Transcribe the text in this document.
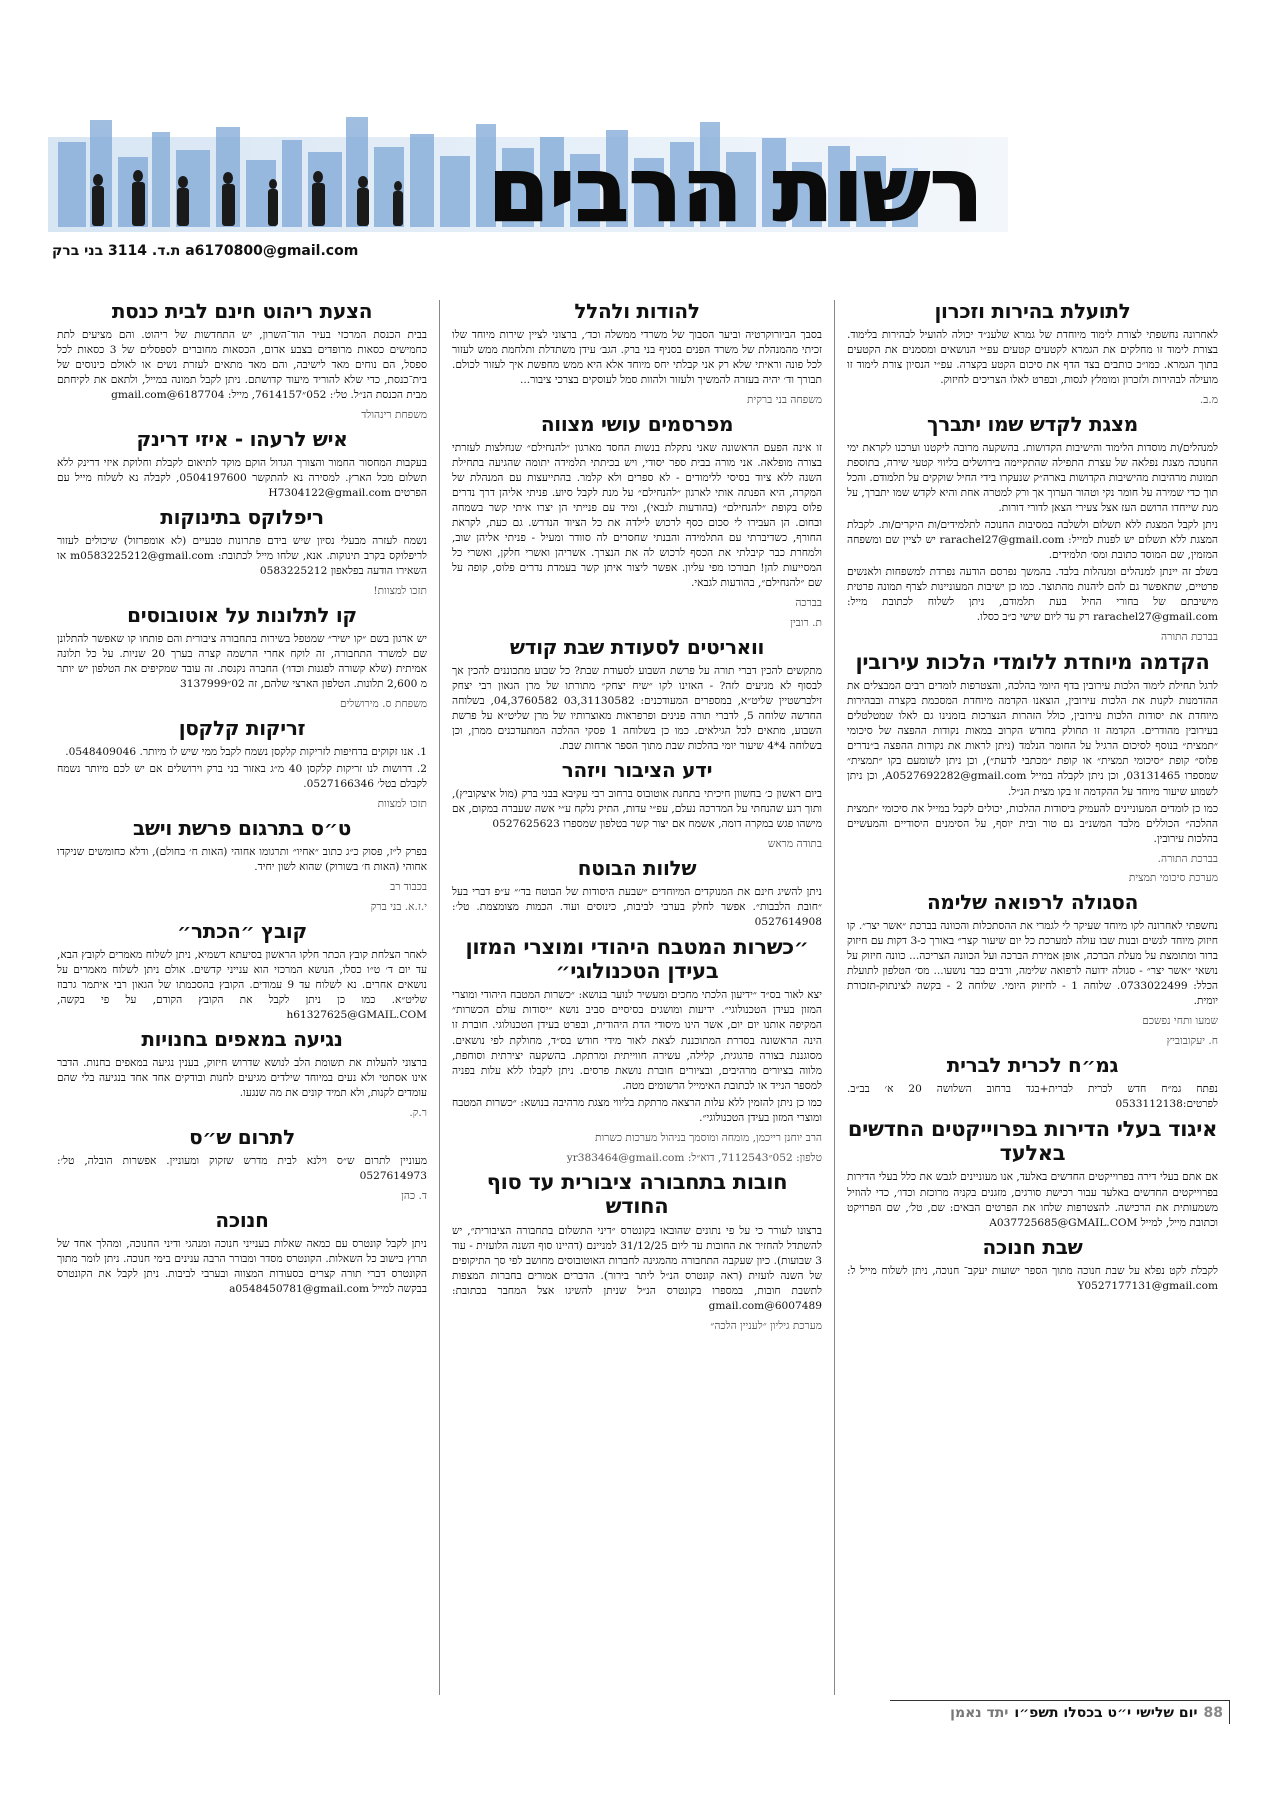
רשות הרבים
a6170800@gmail.com ת.ד. 3114 בני ברק
לתועלת בהירות וזכרון

לאחרונה נחשפתי לצורת לימוד מיוחדת של גמרא שלענ״ד יכולה להועיל לבהירות בלימוד. בצורת לימוד זו מחלקים את הגמרא לקטעים קטעים עפ״י הנושאים ומסמנים את הקטעים בתוך הגמרא. כמו״כ כותבים בצד הדף את סיכום הקטע בקצרה. עפ״י הנסיון צורת לימוד זו מועילה לבהירות ולזכרון ומומלץ לנסות, ובפרט לאלו הצריכים לחיזוק.

מ.ב.
מצגת לקדש שמו יתברך

למנהלים/ות מוסדות הלימוד והישיבות הקדושות. בהשקעה מרובה ליקטנו וערכנו לקראת ימי החנוכה מצגת נפלאה של עצרת התפילה שהתקיימה בירושלים בליווי קטעי שירה, בתוספת תמונות מרהיבות מהישיבות הקדושות בארה״ק שנעקרו בידי החיל שוקקים על תלמודם. והכל תוך כדי שמירה על חומר נקי וטהור הערוך אך ורק למטרה אחת והיא לקדש שמו יתברך, על מנת שייחדו הרושם העז אצל צעירי הצאן לדורי דורות.

ניתן לקבל המצגת ללא תשלום ולשלבה במסיבות החנוכה לתלמידים/ות היקרים/ות. לקבלת המצגת ללא תשלום יש לפנות למייל: rarachel27@gmail.com יש לציין שם ומשפחה המזמין, שם המוסד כתובת ומס׳ תלמידים.

בשלב זה יינתן למנהלים ומנהלות בלבד. בהמשך נפרסם הודעה נפרדת למשפחות ולאנשים פרטיים, שתאפשר גם להם ליהנות מהתוצר. כמו כן ישיבות המעוניינות לצרף תמונה פרטית מישיבתם של בחורי החיל בעת תלמודם, ניתן לשלוח לכתובת מייל: rarachel27@gmail.com רק עד ליום שישי כ״ב כסלו.

בברכת התורה
הקדמה מיוחדת ללומדי הלכות עירובין

לרגל תחילת לימוד הלכות עירובין בדף היומי בהלכה, והצטרפות לומדים רבים המבצלים את ההזדמנות לקנות את הלכות עירובין, הוצאנו הקדמה מיוחדת המסכמת בקצרה ובבהירות מיוחדת את יסודות הלכות עירובין, כולל הזהרות הנצרכות בזמנינו גם לאלו שמטלטלים בעירובין מהודרים. הקדמה זו תחולק בחודש הקרוב במאות נקודות ההפצה של סיכומי ״תמצית״ בנוסף לסיכום הרגיל על החומר הנלמד (ניתן לראות את נקודות ההפצה ב״נדרים פלוס״ קופת ״סיכומי תמצית״ או קופת ״מכתבי לדעת״), וכן ניתן לשומעם בקו ״תמצית״ שמספרו 03131465, וכן ניתן לקבלה במייל A0527692282@gmail.com, וכן ניתן לשמוע שיעור מיוחד על ההקדמה זו בקו מצית הנ״ל.

כמו כן לומדים המעוניינים להעמיק ביסודות ההלכות, יכולים לקבל במייל את סיכומי ״תמצית ההלכה״ הכוללים מלבד המשנ״ב גם טור ובית יוסף, על הסימנים היסודיים והמעשיים בהלכות עירובין.

בברכת התורה.
מערכת סיכומי תמצית
הסגולה לרפואה שלימה

נחשפתי לאחרונה לקו מיוחד שעיקר לי לגמרי את ההסתכלות והכוונה בברכת ״אשר יצר״. קו חיזוק מיוחד לנשים ובנות שבו עולה למערכת כל יום שיעור קצר״ באורך כ-3 דקות עם חיזוק ברור ומתומצת על מעלת הברכה, אופן אמירת הברכה ועל הכוונה הצריכה... כוונה חיזוק על נושאי ״אשר יצר״ - סגולה ידועה לרפואה שלימה, ורבים כבר נושעו... מס׳ הטלפון לתועלת הכלל: 0733022499. שלוחה 1 - לחיזוק היומי. שלוחה 2 - בקשה לצינתוק-תזכורת יומית.

שמעו ותחי נפשכם
ח. יעקובוביץ
גמ״ח לכרית לברית

נפתח גמ״ח חדש לכרית לברית+בגד ברחוב השלושה 20 א׳ בב״ב. לפרטים:0533112138

איגוד בעלי הדירות בפרוייקטים החדשים באלעד

אם אתם בעלי דירה בפרוייקטים החדשים באלעד, אנו מעוניינים לגבש את כלל בעלי הדירות בפרוייקטים החדשים באלעד עבור רכישת סורגים, מזגנים בקניה מרוכזת וכדו׳, כדי להוזיל משמעותית את הרכישה. להצטרפות שלחו את הפרטים הבאים: שם, טל׳, שם הפרויקט וכתובת מייל, למייל A037725685@GMAIL.COM

שבת חנוכה

לקבלת לקט נפלא על שבת חנוכה מתוך הספר ישועות יעקב־ חנוכה, ניתן לשלוח מייל ל: Y0527177131@gmail.com

להודות ולהלל

בסבך הביורוקרטיה וביער הסבוך של משרדי ממשלה וכד׳, ברצוני לציין שירות מיוחד שלו זכיתי מהמנהלת של משרד הפנים בסניף בני ברק. הגב׳ עידן משתדלת ותלחמת ממש לעזור לכל פונה וראיתי שלא רק אני קבלתי יחס מיוחד אלא היא ממש מחפשת איך לעזור לכולם. תבורך וד׳ יהיה בעזרה להמשיך ולעזור ולהוות סמל לעוסקים בצרכי ציבור...

משפחה בני ברקית
מפרסמים עושי מצווה

זו אינה הפעם הראשונה שאני נתקלת בנשות החסד מארגון ״להנחילם״ שנחלצות לעזרתי בצורה מופלאה. אני מורה בבית ספר יסודי, ויש בכיתתי תלמידה יתומה שהגיעה בתחילת השנה ללא ציוד בסיסי ללימודים - לא ספרים ולא קלמר. בהתייעצות עם המנהלת של המקרה, היא הפנתה אותי לארגון ״להנחילם״ על מנת לקבל סיוע. פניתי אליהן דרך נדרים פלוס בקופת ״להנחילם״ (בהודעות לגבאי), ומיד עם פנייתי הן יצרו איתי קשר בשמחה ובחום. הן העבירו לי סכום כסף לרכוש לילדה את כל הציוד הנדרש. גם כעת, לקראת החורף, כשדיברתי עם התלמידה והבנתי שחסרים לה סוודר ומעיל - פניתי אליהן שוב, ולמחרת כבר קיבלתי את הכסף לרכוש לה את הנצרך. אשריהן ואשרי חלקן, ואשרי כל המסייעות להן! תבורכו מפי עליון. אפשר ליצור איתן קשר בעמדת נדרים פלוס, קופה על שם ״להנחילם״, בהודעות לגבאי.

בברכה
ת. רובין
וואריטים לסעודת שבת קודש

מתקשים להכין דברי תורה על פרשת השבוע לסעודת שבת? כל שבוע מתכוננים להכין אך לבסוף לא מגיעים לזה? - האזינו לקו ״שיח יצחק״ מתורתו של מרן הגאון רבי יצחק זילברשטיין שליט״א, במספרים המעודכנים: 03,31130582 04,3760582, בשלוחה החדשה שלוחה 5, לדברי תורה פנינים ופרפראות מאוצרותיו של מרן שליט״א על פרשת השבוע, מתאים לכל הגילאים. כמו כן בשלוחה 1 פסקי ההלכה המתעדכנים ממרן, וכן בשלוחה 4*4 שיעור יומי בהלכות שבת מתוך הספר ארחות שבת.

ידע הציבור ויזהר

ביום ראשון כ׳ בחשוון חיכיתי בתחנת אוטובוס ברחוב רבי עקיבא בבני ברק (מול איצקוביץ), ותוך רגע שהנחתי על המדרכה נעלם, עפ״י עדות, התיק נלקח ע״י אשה שעברה במקום, אם מישהו פגש במקרה דומה, אשמח אם יצור קשר בטלפון שמספרו 0527625623

בתודה מראש
שלוות הבוטח

ניתן להשיג חינם את המנוקדים המיוחדים ״שבעת היסודות של הבוטח בד׳״ ע״פ דברי בעל ״חובת הלבבות״. אפשר לחלק בערבי לביבות, כינוסים ועוד. הכמות מצומצמת. טל׳: 0527614908

״כשרות המטבח היהודי ומוצרי המזון בעידן הטכנולוגי״

יצא לאור בס״ד ״ידיעון הלכתי מחכים ומעשיר לנוער בנושא: ״כשרות המטבח היהודי ומוצרי המזון בעידן הטכנולוגי״. ידיעות ומושגים בסיסיים סביב נושא ״יסודות עולם הכשרות״ המקיפה אותנו יום יום, אשר הינו מיסודי הדת היהודית, ובפרט בעידן הטכנולוגי. חוברת זו הינה הראשונה בסדרת המתוכננת לצאת לאור מידי חודש בס״ד, מחולקת לפי נושאים. מסוגננת בצורה פדגוגית, קלילה, עשירה חווייתית ומרתקת. בהשקעה יצירתית וסוחפת, מלווה בציורים מרהיבים, ובציורים חוברת נושאת פרסים. ניתן לקבלו ללא עלות בפניה למספר הנייד או לכתובת האימייל הרשומים מטה.

כמו כן ניתן להזמין ללא עלות הרצאה מרתקת בליווי מצגת מרהיבה בנושא: ״כשרות המטבח ומוצרי המזון בעידן הטכנולוגי״.

הרב יוחנן רייכמן, מומחה ומוסמך בניהול מערכות כשרות
טלפון: 052״7112543, דוא״ל: yr383464@gmail.com
חובות בתחבורה ציבורית עד סוף החודש

ברצונו לעורר כי על פי נתונים שהובאו בקונטרס ״דיני התשלום בתחבורה הציבורית״, יש להשתדל להחזיר את החובות עד ליום 31/12/25 למניינם (דהיינו סוף השנה הלועזית - עוד 3 שבועות). כיון שעקבה התחבורה מהמגינה לחברות האוטובוסים מחושב לפי סך התיקופים של השנה לועזית (ראה קונטרס הנ״ל ליתר בירור). הדברים אמורים בחברות המצפות לתשבת חובות, במספרו בקונטרס הנ״ל שניתן להשיגו אצל המחבר בכתובת: 6007489@gmail.com

מערכת גיליון ״לעניין הלכה״
הצעת ריהוט חינם לבית כנסת

בבית הכנסת המרכזי בעיר הוד־השרון, יש התחדשות של ריהוט. והם מציעים לתת כחמישים כסאות מרופדים בצבע אדום, הכסאות מחוברים לספסלים של 3 כסאות לכל ספסל, הם נוחים מאד לישיבה, והם מאד מתאים לעזרת נשים או לאולם כינוסים של בית־כנסת, כדי שלא להוריד מיעוד קדושתם. ניתן לקבל תמונה במייל, ולתאם את לקיחתם מבית הכנסת הנ״ל. טל׳: 052״7614157, מייל: 6187704@gmail.com

משפחת רינהולד
איש לרעהו - איזי דרינק

בעקבות המחסור החמור והצורך הגדול הוקם מוקד לתיאום לקבלת וחלוקת איזי דרינק ללא תשלום מכל הארץ. למסירה נא להתקשר 0504197600, לקבלה נא לשלוח מייל עם הפרטים H7304122@gmail.com

ריפלוקס בתינוקות

נשמח לעזרה מבעלי נסיון שיש בידם פתרונות טבעיים (לא אומפרזול) שיכולים לעזור לריפלוקס בקרב תינוקות. אנא, שלחו מייל לכתובת: m0583225212@gmail.com או השאירו הודעה בפלאפון 0583225212

תזכו למצוות!
קו לתלונות על אוטובוסים

יש ארגון בשם ״קו ישיר״ שמטפל בשירות בתחבורה ציבורית והם פותחו קו שאפשר להתלונן שם למשרד התחבורה, זה לוקח אחרי הרשמה קצרה בערך 20 שניות. על כל תלונה אמיתית (שלא קשורה לפגנות וכדו׳) החברה נקנסת. זה עובד שמקיפים את הטלפון יש יותר מ 2,600 תלונות. הטלפון הארצי שלהם, זה 02״3137999

משפחת ס. מירושלים
זריקות קלקסן

1. אנו זקוקים בדחיפות לזריקות קלקסן נשמח לקבל ממי שיש לו מיותר. 0548409046.

2. דרושות לנו זריקות קלקסן 40 מ״ג באזור בני ברק וירושלים אם יש לכם מיותר נשמח לקבלם בטל׳ 0527166346.

תזכו למצוות
ט״ס בתרגום פרשת וישב

בפרק ל״ז, פסוק כ״ג כתוב ״אחיו״ ותרגומו אחוהי (האות ח׳ בחולם), ודלא כחומשים שניקדו אחוהי (האות ח׳ בשורוק) שהוא לשון יחיד.

בכבוד רב
י.ז.א. בני ברק
קובץ ״הכתר״

לאחר הצלחת קובץ הכתר חלקו הראשון בסיעתא דשמיא, ניתן לשלוח מאמרים לקובץ הבא, עד יום ד׳ ט״ו כסלו, הנושא המרכזי הוא ענייני קדשים. אולם ניתן לשלוח מאמרים על נושאים אחרים. נא לשלוח עד 9 עמודים. הקובץ בהסכמתו של הגאון רבי איתמר גרבוז שליט״א. כמו כן ניתן לקבל את הקובץ הקודם, על פי בקשה, h61327625@GMAIL.COM

נגיעה במאפים בחנויות

ברצוני להעלות את תשומת הלב לנושא שדרוש חיזוק, בענין נגיעה במאפים בחנות. הדבר אינו אסתטי ולא נעים במיוחד שילדים מגיעים לחנות ובודקים אחד אחד בנגיעה בלי שהם עומדים לקנות, ולא תמיד קונים את מה שנגעו.

ר.ק.
לתרום ש״ס

מעוניין לתרום ש״ס וילנא לבית מדרש שזקוק ומעוניין. אפשרות הובלה, טל׳: 0527614973

ד. כהן
חנוכה

ניתן לקבל קונטרס עם כמאה שאלות בענייני חנוכה ומנהגי ודיני החנוכה, ומהלך אחד של תרוץ בישוב כל השאלות. הקונטרס מסדר ומבורר הרבה ענינים בימי חנוכה. ניתן לומר מתוך הקונטרס דברי תורה קצרים בסעודות המצווה ובערבי לביבות. ניתן לקבל את הקונטרס בבקשה למייל a0548450781@gmail.com

88
יום שלישי י״ט בכסלו תשפ״ו
יתד נאמן
